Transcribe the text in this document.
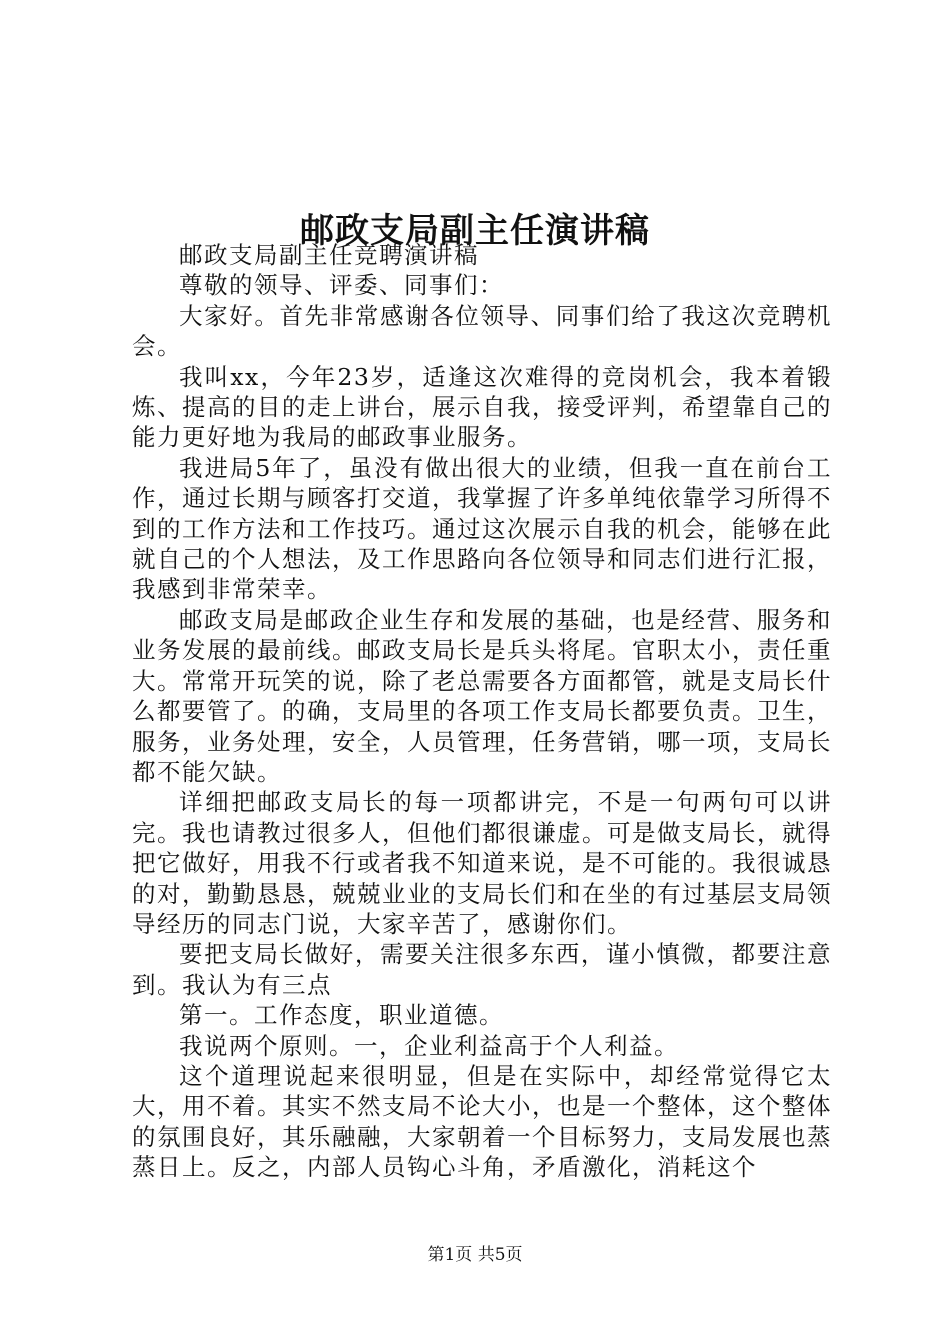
邮政支局副主任演讲稿

邮政支局副主任竞聘演讲稿

尊敬的领导、评委、同事们：

大家好。首先非常感谢各位领导、同事们给了我这次竞聘机会。

我叫xx，今年23岁，适逢这次难得的竞岗机会，我本着锻炼、提高的目的走上讲台，展示自我，接受评判，希望靠自己的能力更好地为我局的邮政事业服务。

我进局5年了，虽没有做出很大的业绩，但我一直在前台工作，通过长期与顾客打交道，我掌握了许多单纯依靠学习所得不到的工作方法和工作技巧。通过这次展示自我的机会，能够在此就自己的个人想法，及工作思路向各位领导和同志们进行汇报，我感到非常荣幸。

邮政支局是邮政企业生存和发展的基础，也是经营、服务和业务发展的最前线。邮政支局长是兵头将尾。官职太小，责任重大。常常开玩笑的说，除了老总需要各方面都管，就是支局长什么都要管了。的确，支局里的各项工作支局长都要负责。卫生，服务，业务处理，安全，人员管理，任务营销，哪一项，支局长都不能欠缺。

详细把邮政支局长的每一项都讲完，不是一句两句可以讲完。我也请教过很多人，但他们都很谦虚。可是做支局长，就得把它做好，用我不行或者我不知道来说，是不可能的。我很诚恳的对，勤勤恳恳，兢兢业业的支局长们和在坐的有过基层支局领导经历的同志门说，大家辛苦了，感谢你们。

要把支局长做好，需要关注很多东西，谨小慎微，都要注意到。我认为有三点

第一。工作态度，职业道德。

我说两个原则。一，企业利益高于个人利益。

这个道理说起来很明显，但是在实际中，却经常觉得它太大，用不着。其实不然支局不论大小，也是一个整体，这个整体的氛围良好，其乐融融，大家朝着一个目标努力，支局发展也蒸蒸日上。反之，内部人员钩心斗角，矛盾激化，消耗这个

第1页 共5页
